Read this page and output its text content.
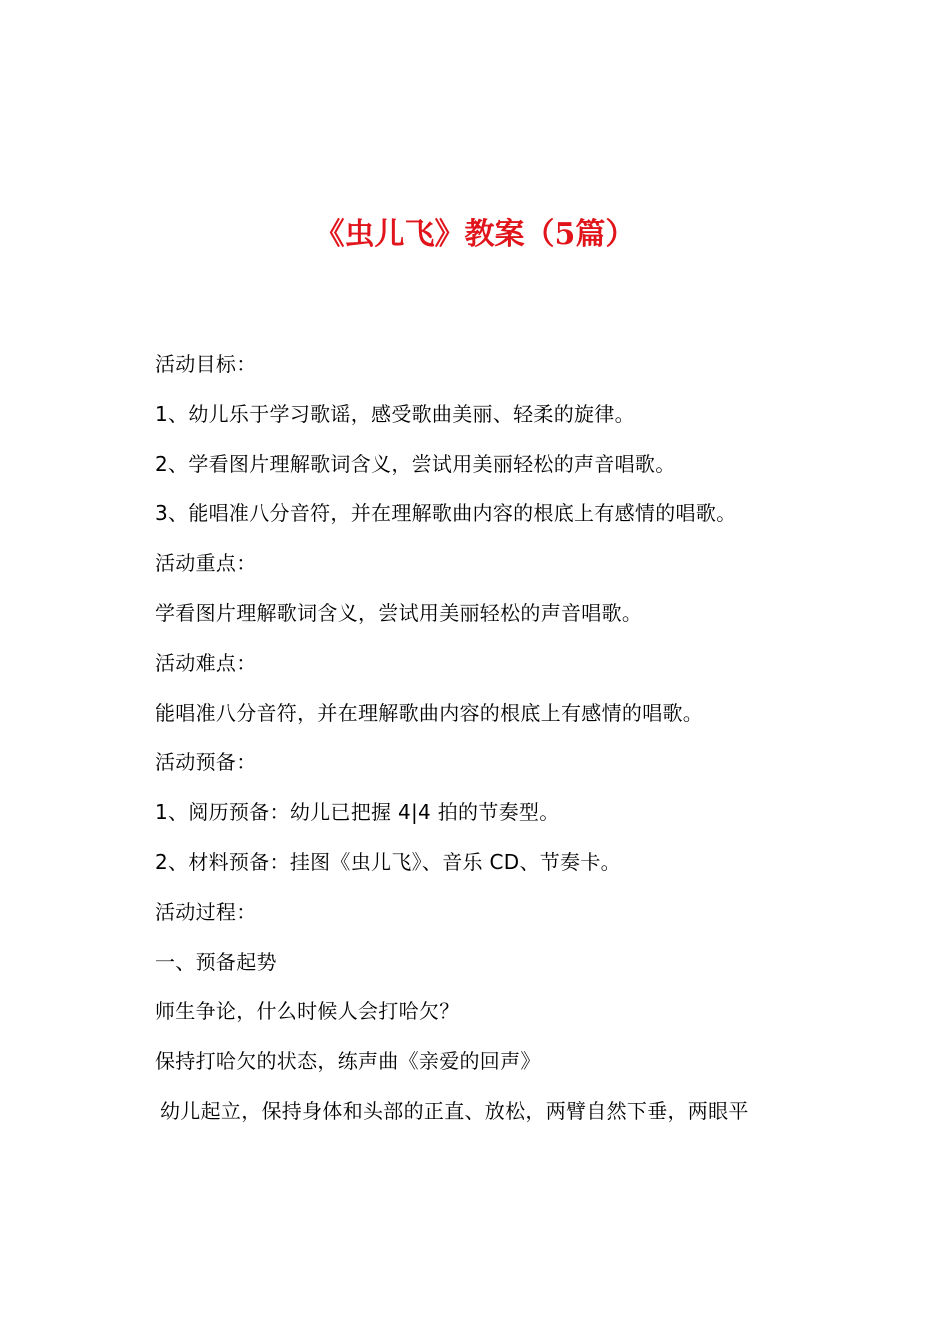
《虫儿飞》教案（5篇）
活动目标：
1、幼儿乐于学习歌谣，感受歌曲美丽、轻柔的旋律。
2、学看图片理解歌词含义，尝试用美丽轻松的声音唱歌。
3、能唱准八分音符，并在理解歌曲内容的根底上有感情的唱歌。
活动重点：
学看图片理解歌词含义，尝试用美丽轻松的声音唱歌。
活动难点：
能唱准八分音符，并在理解歌曲内容的根底上有感情的唱歌。
活动预备：
1、阅历预备：幼儿已把握 4|4 拍的节奏型。
2、材料预备：挂图《虫儿飞》、音乐 CD、节奏卡。
活动过程：
一、预备起势
师生争论，什么时候人会打哈欠？
保持打哈欠的状态，练声曲《亲爱的回声》
幼儿起立，保持身体和头部的正直、放松，两臂自然下垂，两眼平
